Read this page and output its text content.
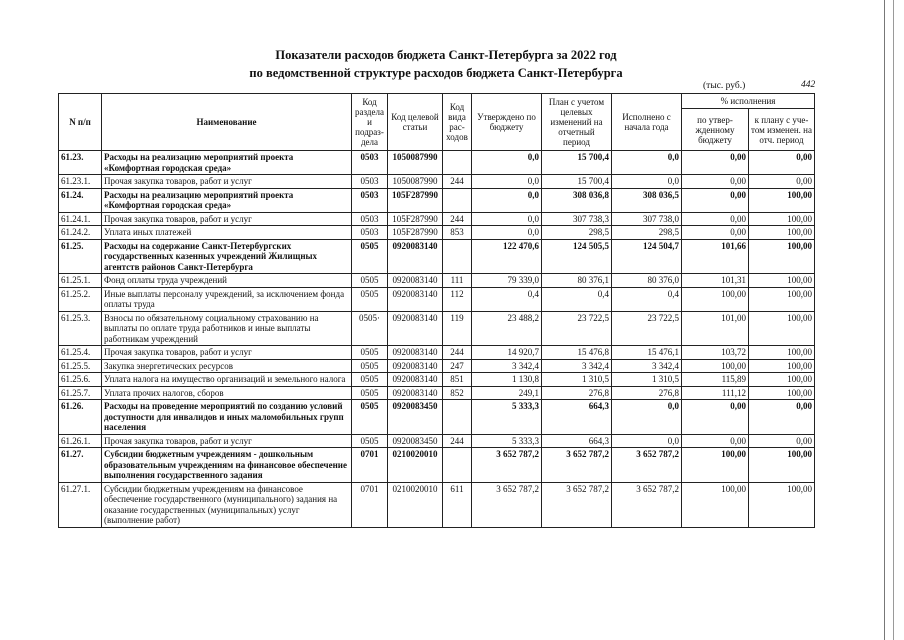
Показатели расходов бюджета Санкт-Петербурга за 2022 год
по ведомственной структуре расходов бюджета Санкт-Петербурга
(тыс. руб.)	442
N п/п	Наименование	Код раздела и подраз- дела	Код целевой статьи	Код вида рас- ходов	Утверждено по бюджету	План с учетом целевых изменений на отчетный период	Исполнено с начала года	% исполнения	
								по утвер- жденному бюджету	к плану с уче- том изменен. на отч. период
61.23.	Расходы на реализацию мероприятий проекта «Комфортная городская среда»	0503	1050087990		0,0	15 700,4	0,0	0,00	0,00
61.23.1.	Прочая закупка товаров, работ и услуг	0503	1050087990	244	0,0	15 700,4	0,0	0,00	0,00
61.24.	Расходы на реализацию мероприятий проекта «Комфортная городская среда»	0503	105F287990		0,0	308 036,8	308 036,5	0,00	100,00
61.24.1.	Прочая закупка товаров, работ и услуг	0503	105F287990	244	0,0	307 738,3	307 738,0	0,00	100,00
61.24.2.	Уплата иных платежей	0503	105F287990	853	0,0	298,5	298,5	0,00	100,00
61.25.	Расходы на содержание Санкт-Петербургских государственных казенных учреждений Жилищных агентств районов Санкт-Петербурга	0505	0920083140		122 470,6	124 505,5	124 504,7	101,66	100,00
61.25.1.	Фонд оплаты труда учреждений	0505	0920083140	111	79 339,0	80 376,1	80 376,0	101,31	100,00
61.25.2.	Иные выплаты персоналу учреждений, за исключением фонда оплаты труда	0505	0920083140	112	0,4	0,4	0,4	100,00	100,00
61.25.3.	Взносы по обязательному социальному страхованию на выплаты по оплате труда работников и иные выплаты работникам учреждений	0505·	0920083140	119	23 488,2	23 722,5	23 722,5	101,00	100,00
61.25.4.	Прочая закупка товаров, работ и услуг	0505	0920083140	244	14 920,7	15 476,8	15 476,1	103,72	100,00
61.25.5.	Закупка энергетических ресурсов	0505	0920083140	247	3 342,4	3 342,4	3 342,4	100,00	100,00
61.25.6.	Уплата налога на имущество организаций и земельного налога	0505	0920083140	851	1 130,8	1 310,5	1 310,5	115,89	100,00
61.25.7.	Уплата прочих налогов, сборов	0505	0920083140	852	249,1	276,8	276,8	111,12	100,00
61.26.	Расходы на проведение мероприятий по созданию условий доступности для инвалидов и иных маломобильных групп населения	0505	0920083450		5 333,3	664,3	0,0	0,00	0,00
61.26.1.	Прочая закупка товаров, работ и услуг	0505	0920083450	244	5 333,3	664,3	0,0	0,00	0,00
61.27.	Субсидии бюджетным учреждениям - дошкольным образовательным учреждениям на финансовое обеспечение выполнения государственного задания	0701	0210020010		3 652 787,2	3 652 787,2	3 652 787,2	100,00	100,00
61.27.1.	Субсидии бюджетным учреждениям на финансовое обеспечение государственного (муниципального) задания на оказание государственных (муниципальных) услуг (выполнение работ)	0701	0210020010	611	3 652 787,2	3 652 787,2	3 652 787,2	100,00	100,00
